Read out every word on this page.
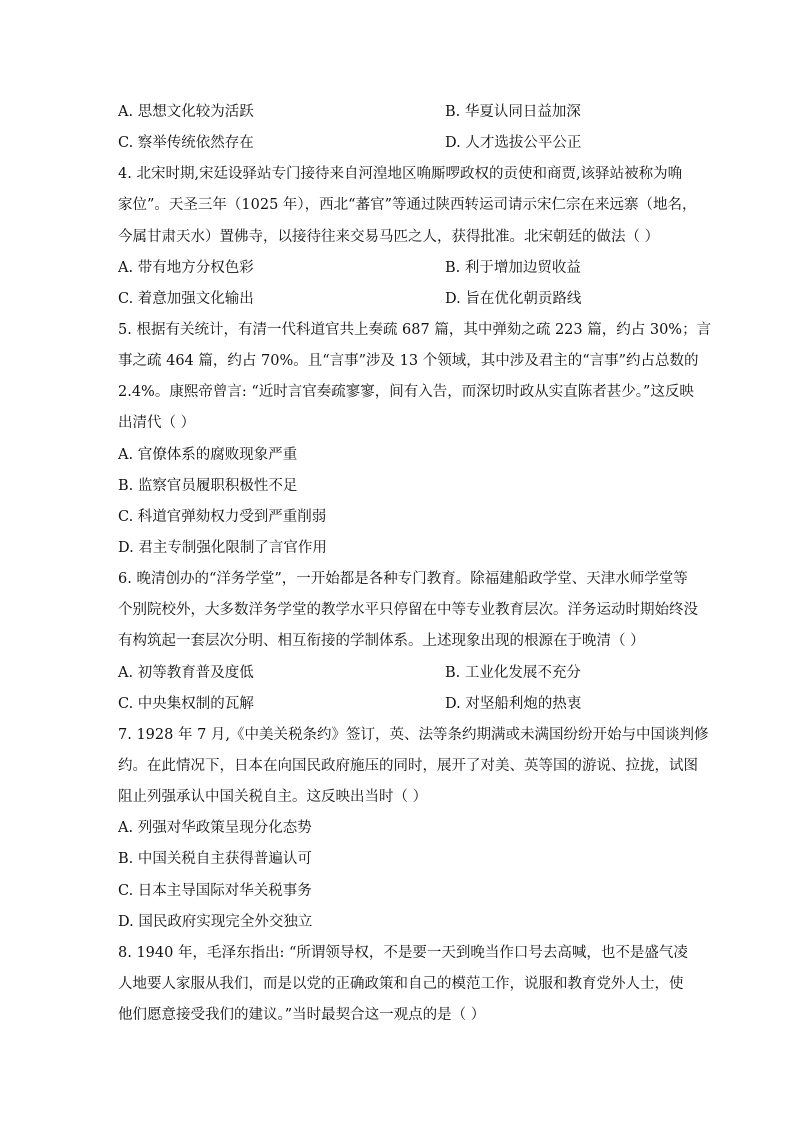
A. 思想文化较为活跃	B. 华夏认同日益加深
C. 察举传统依然存在	D. 人才选拔公平公正
4. 北宋时期,宋廷设驿站专门接待来自河湟地区唃厮啰政权的贡使和商贾,该驿站被称为唃
家位”。天圣三年（1025 年），西北“蕃官”等通过陕西转运司请示宋仁宗在来远寨（地名，
今属甘肃天水）置佛寺，以接待往来交易马匹之人，获得批准。北宋朝廷的做法（ ）
A. 带有地方分权色彩	B. 利于增加边贸收益
C. 着意加强文化输出	D. 旨在优化朝贡路线
5. 根据有关统计，有清一代科道官共上奏疏 687 篇，其中弹劾之疏 223 篇，约占 30%；言
事之疏 464 篇，约占 70%。且“言事”涉及 13 个领域，其中涉及君主的“言事”约占总数的
2.4%。康熙帝曾言: “近时言官奏疏寥寥，间有入告，而深切时政从实直陈者甚少。”这反映
出清代（ ）
A. 官僚体系的腐败现象严重
B. 监察官员履职积极性不足
C. 科道官弹劾权力受到严重削弱
D. 君主专制强化限制了言官作用
6. 晚清创办的“洋务学堂”，一开始都是各种专门教育。除福建船政学堂、天津水师学堂等
个别院校外，大多数洋务学堂的教学水平只停留在中等专业教育层次。洋务运动时期始终没
有构筑起一套层次分明、相互衔接的学制体系。上述现象出现的根源在于晚清（ ）
A. 初等教育普及度低	B. 工业化发展不充分
C. 中央集权制的瓦解	D. 对坚船利炮的热衷
7. 1928 年 7 月,《中美关税条约》签订，英、法等条约期满或未满国纷纷开始与中国谈判修
约。在此情况下，日本在向国民政府施压的同时，展开了对美、英等国的游说、拉拢，试图
阻止列强承认中国关税自主。这反映出当时（ ）
A. 列强对华政策呈现分化态势
B. 中国关税自主获得普遍认可
C. 日本主导国际对华关税事务
D. 国民政府实现完全外交独立
8. 1940 年，毛泽东指出: “所谓领导权，不是要一天到晚当作口号去高喊，也不是盛气凌
人地要人家服从我们，而是以党的正确政策和自己的模范工作，说服和教育党外人士，使
他们愿意接受我们的建议。”当时最契合这一观点的是（ ）
